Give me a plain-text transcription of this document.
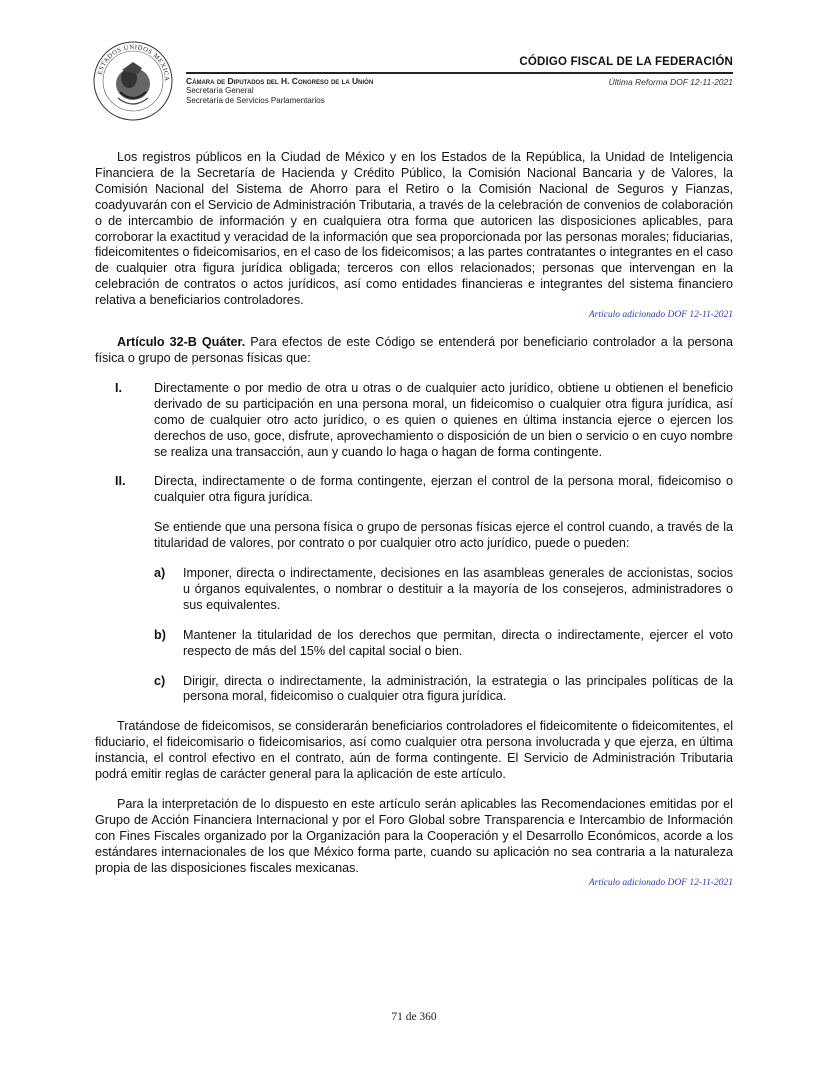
ESTADOS UNIDOS MEXICA
CÓDIGO FISCAL DE LA FEDERACIÓN
Cámara de Diputados del H. Congreso de la Unión
Secretaría General
Secretaría de Servicios Parlamentarios
Última Reforma DOF 12-11-2021

Los registros públicos en la Ciudad de México y en los Estados de la República, la Unidad de Inteligencia Financiera de la Secretaría de Hacienda y Crédito Público, la Comisión Nacional Bancaria y de Valores, la Comisión Nacional del Sistema de Ahorro para el Retiro o la Comisión Nacional de Seguros y Fianzas, coadyuvarán con el Servicio de Administración Tributaria, a través de la celebración de convenios de colaboración o de intercambio de información y en cualquiera otra forma que autoricen las disposiciones aplicables, para corroborar la exactitud y veracidad de la información que sea proporcionada por las personas morales; fiduciarias, fideicomitentes o fideicomisarios, en el caso de los fideicomisos; a las partes contratantes o integrantes en el caso de cualquier otra figura jurídica obligada; terceros con ellos relacionados; personas que intervengan en la celebración de contratos o actos jurídicos, así como entidades financieras e integrantes del sistema financiero relativa a beneficiarios controladores.

Artículo adicionado DOF 12-11-2021

Artículo 32-B Quáter. Para efectos de este Código se entenderá por beneficiario controlador a la persona física o grupo de personas físicas que:

I.	Directamente o por medio de otra u otras o de cualquier acto jurídico, obtiene u obtienen el beneficio derivado de su participación en una persona moral, un fideicomiso o cualquier otra figura jurídica, así como de cualquier otro acto jurídico, o es quien o quienes en última instancia ejerce o ejercen los derechos de uso, goce, disfrute, aprovechamiento o disposición de un bien o servicio o en cuyo nombre se realiza una transacción, aun y cuando lo haga o hagan de forma contingente.

II.	Directa, indirectamente o de forma contingente, ejerzan el control de la persona moral, fideicomiso o cualquier otra figura jurídica.

Se entiende que una persona física o grupo de personas físicas ejerce el control cuando, a través de la titularidad de valores, por contrato o por cualquier otro acto jurídico, puede o pueden:

a)	Imponer, directa o indirectamente, decisiones en las asambleas generales de accionistas, socios u órganos equivalentes, o nombrar o destituir a la mayoría de los consejeros, administradores o sus equivalentes.

b)	Mantener la titularidad de los derechos que permitan, directa o indirectamente, ejercer el voto respecto de más del 15% del capital social o bien.

c)	Dirigir, directa o indirectamente, la administración, la estrategia o las principales políticas de la persona moral, fideicomiso o cualquier otra figura jurídica.

Tratándose de fideicomisos, se considerarán beneficiarios controladores el fideicomitente o fideicomitentes, el fiduciario, el fideicomisario o fideicomisarios, así como cualquier otra persona involucrada y que ejerza, en última instancia, el control efectivo en el contrato, aún de forma contingente. El Servicio de Administración Tributaria podrá emitir reglas de carácter general para la aplicación de este artículo.

Para la interpretación de lo dispuesto en este artículo serán aplicables las Recomendaciones emitidas por el Grupo de Acción Financiera Internacional y por el Foro Global sobre Transparencia e Intercambio de Información con Fines Fiscales organizado por la Organización para la Cooperación y el Desarrollo Económicos, acorde a los estándares internacionales de los que México forma parte, cuando su aplicación no sea contraria a la naturaleza propia de las disposiciones fiscales mexicanas.

Artículo adicionado DOF 12-11-2021
71 de 360
